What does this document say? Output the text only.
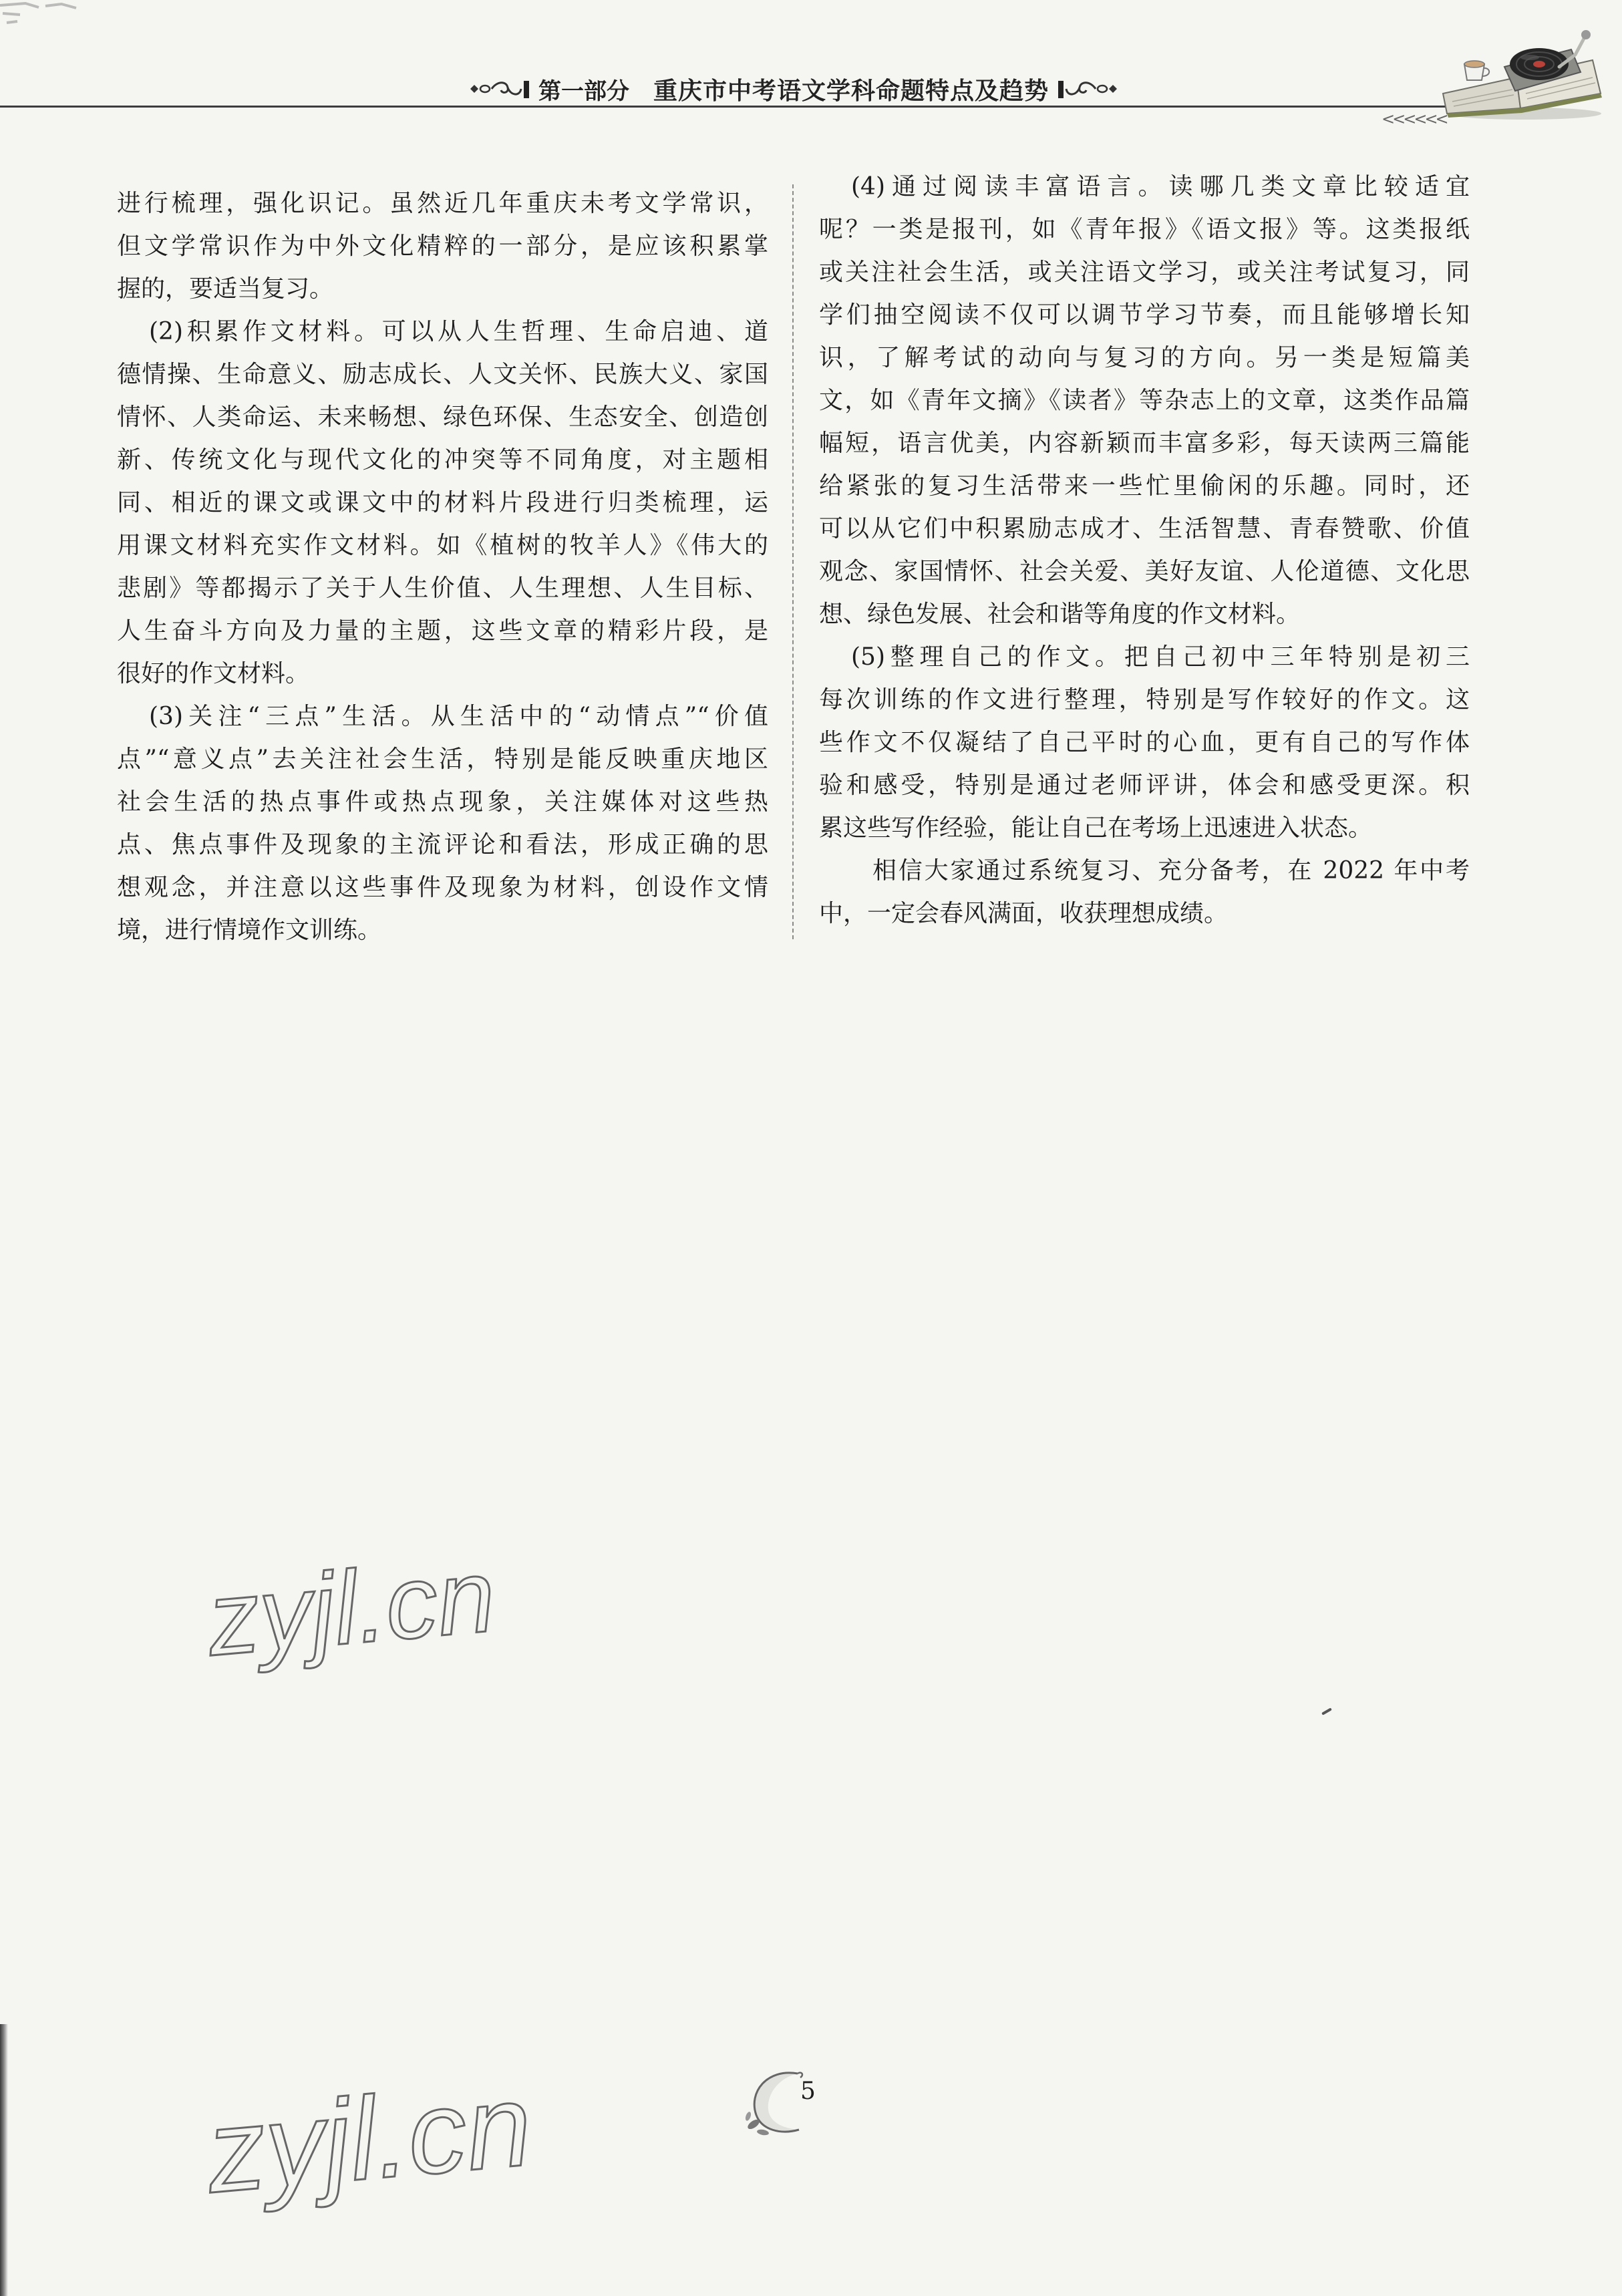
第一部分 重庆市中考语文学科命题特点及趋势
<<<<<<
进行梳理，强化识记。虽然近几年重庆未考文学常识，
但文学常识作为中外文化精粹的一部分，是应该积累掌
握的，要适当复习。
(2)积累作文材料。可以从人生哲理、生命启迪、道
德情操、生命意义、励志成长、人文关怀、民族大义、家国
情怀、人类命运、未来畅想、绿色环保、生态安全、创造创
新、传统文化与现代文化的冲突等不同角度，对主题相
同、相近的课文或课文中的材料片段进行归类梳理，运
用课文材料充实作文材料。如《植树的牧羊人》《伟大的
悲剧》等都揭示了关于人生价值、人生理想、人生目标、
人生奋斗方向及力量的主题，这些文章的精彩片段，是
很好的作文材料。
(3)关注“三点”生活。从生活中的“动情点”“价值
点”“意义点”去关注社会生活，特别是能反映重庆地区
社会生活的热点事件或热点现象，关注媒体对这些热
点、焦点事件及现象的主流评论和看法，形成正确的思
想观念，并注意以这些事件及现象为材料，创设作文情
境，进行情境作文训练。
(4)通过阅读丰富语言。读哪几类文章比较适宜
呢？一类是报刊，如《青年报》《语文报》等。这类报纸
或关注社会生活，或关注语文学习，或关注考试复习，同
学们抽空阅读不仅可以调节学习节奏，而且能够增长知
识，了解考试的动向与复习的方向。另一类是短篇美
文，如《青年文摘》《读者》等杂志上的文章，这类作品篇
幅短，语言优美，内容新颖而丰富多彩，每天读两三篇能
给紧张的复习生活带来一些忙里偷闲的乐趣。同时，还
可以从它们中积累励志成才、生活智慧、青春赞歌、价值
观念、家国情怀、社会关爱、美好友谊、人伦道德、文化思
想、绿色发展、社会和谐等角度的作文材料。
(5)整理自己的作文。把自己初中三年特别是初三
每次训练的作文进行整理，特别是写作较好的作文。这
些作文不仅凝结了自己平时的心血，更有自己的写作体
验和感受，特别是通过老师评讲，体会和感受更深。积
累这些写作经验，能让自己在考场上迅速进入状态。
相信大家通过系统复习、充分备考，在 2022 年中考
中，一定会春风满面，收获理想成绩。
zyjl.cn
zyjl.cn	5
